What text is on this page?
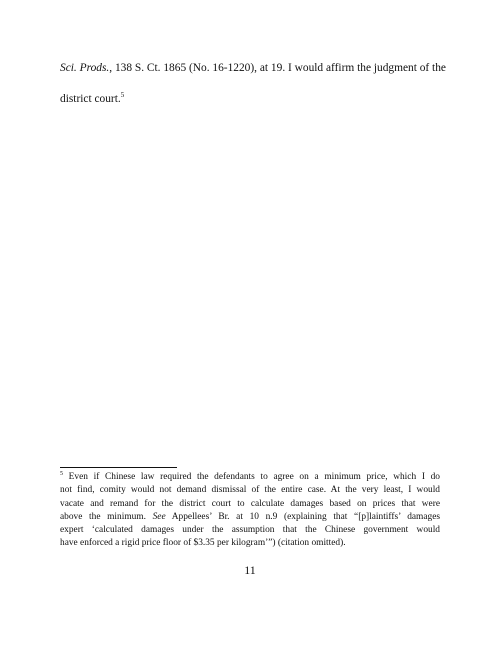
Sci. Prods., 138 S. Ct. 1865 (No. 16-1220), at 19. I would affirm the judgment of the
district court.$^5$
$^5$ Even if Chinese law required the defendants to agree on a minimum price, which I do
not find, comity would not demand dismissal of the entire case. At the very least, I would
vacate and remand for the district court to calculate damages based on prices that were
above the minimum. See Appellees’ Br. at 10 n.9 (explaining that “[p]laintiffs’ damages
expert ‘calculated damages under the assumption that the Chinese government would
have enforced a rigid price floor of $3.35 per kilogram’”) (citation omitted).
11
